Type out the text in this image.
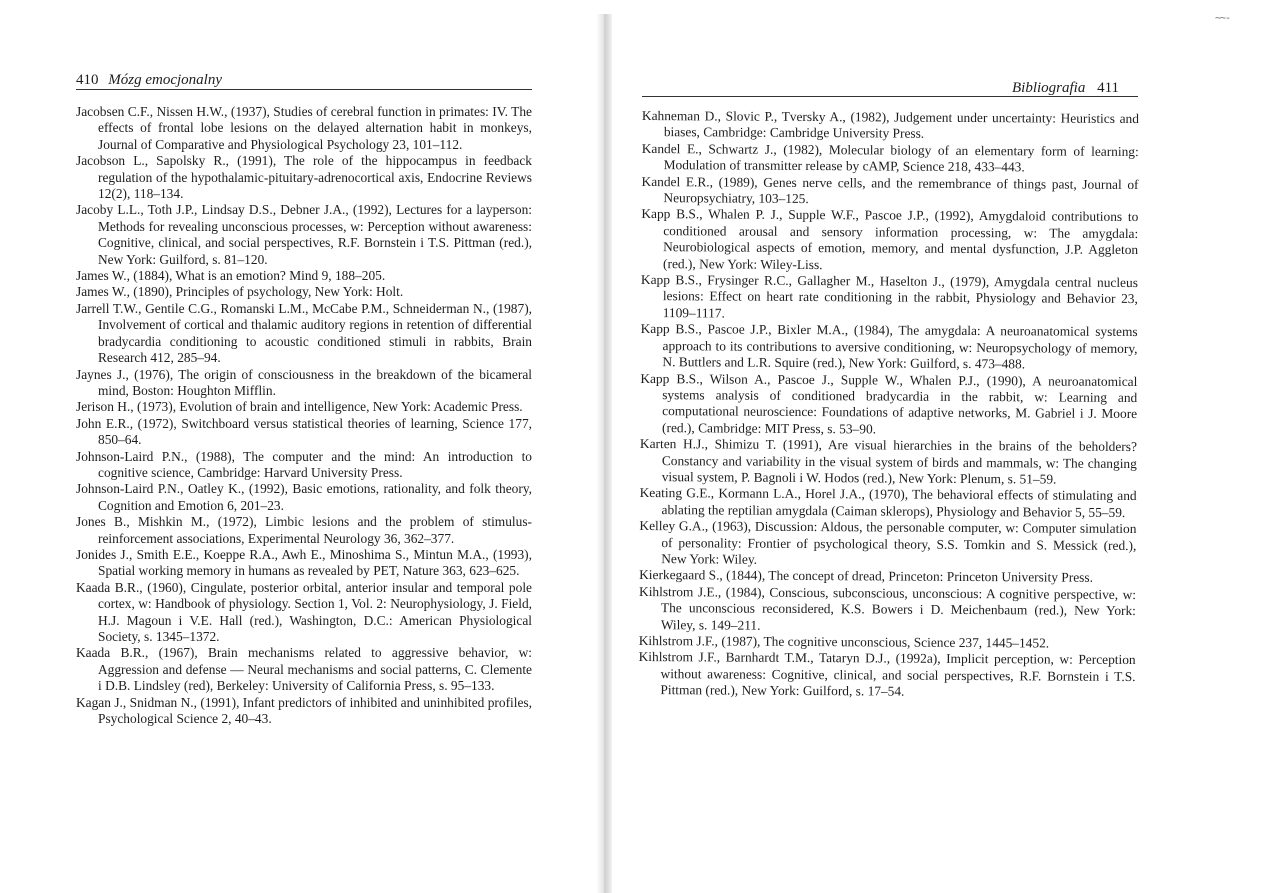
410 Mózg emocjonalny
Jacobsen C.F., Nissen H.W., (1937), Studies of cerebral function in primates: IV. The effects of frontal lobe lesions on the delayed alternation habit in monkeys, Journal of Comparative and Physiological Psychology 23, 101–112.
Jacobson L., Sapolsky R., (1991), The role of the hippocampus in feedback regulation of the hypothalamic-pituitary-adrenocortical axis, Endocrine Reviews 12(2), 118–134.
Jacoby L.L., Toth J.P., Lindsay D.S., Debner J.A., (1992), Lectures for a layperson: Methods for revealing unconscious processes, w: Perception without awareness: Cognitive, clinical, and social perspectives, R.F. Bornstein i T.S. Pittman (red.), New York: Guilford, s. 81–120.
James W., (1884), What is an emotion? Mind 9, 188–205.
James W., (1890), Principles of psychology, New York: Holt.
Jarrell T.W., Gentile C.G., Romanski L.M., McCabe P.M., Schneiderman N., (1987), Involvement of cortical and thalamic auditory regions in retention of differential bradycardia conditioning to acoustic conditioned stimuli in rabbits, Brain Research 412, 285–94.
Jaynes J., (1976), The origin of consciousness in the breakdown of the bicameral mind, Boston: Houghton Mifflin.
Jerison H., (1973), Evolution of brain and intelligence, New York: Academic Press.
John E.R., (1972), Switchboard versus statistical theories of learning, Science 177, 850–64.
Johnson-Laird P.N., (1988), The computer and the mind: An introduction to cognitive science, Cambridge: Harvard University Press.
Johnson-Laird P.N., Oatley K., (1992), Basic emotions, rationality, and folk theory, Cognition and Emotion 6, 201–23.
Jones B., Mishkin M., (1972), Limbic lesions and the problem of stimulus-reinforcement associations, Experimental Neurology 36, 362–377.
Jonides J., Smith E.E., Koeppe R.A., Awh E., Minoshima S., Mintun M.A., (1993), Spatial working memory in humans as revealed by PET, Nature 363, 623–625.
Kaada B.R., (1960), Cingulate, posterior orbital, anterior insular and temporal pole cortex, w: Handbook of physiology. Section 1, Vol. 2: Neurophysiology, J. Field, H.J. Magoun i V.E. Hall (red.), Washington, D.C.: American Physiological Society, s. 1345–1372.
Kaada B.R., (1967), Brain mechanisms related to aggressive behavior, w: Aggression and defense — Neural mechanisms and social patterns, C. Clemente i D.B. Lindsley (red), Berkeley: University of California Press, s. 95–133.
Kagan J., Snidman N., (1991), Infant predictors of inhibited and uninhibited profiles, Psychological Science 2, 40–43.
Bibliografia 411
Kahneman D., Slovic P., Tversky A., (1982), Judgement under uncertainty: Heuristics and biases, Cambridge: Cambridge University Press.
Kandel E., Schwartz J., (1982), Molecular biology of an elementary form of learning: Modulation of transmitter release by cAMP, Science 218, 433–443.
Kandel E.R., (1989), Genes nerve cells, and the remembrance of things past, Journal of Neuropsychiatry, 103–125.
Kapp B.S., Whalen P. J., Supple W.F., Pascoe J.P., (1992), Amygdaloid contributions to conditioned arousal and sensory information processing, w: The amygdala: Neurobiological aspects of emotion, memory, and mental dysfunction, J.P. Aggleton (red.), New York: Wiley-Liss.
Kapp B.S., Frysinger R.C., Gallagher M., Haselton J., (1979), Amygdala central nucleus lesions: Effect on heart rate conditioning in the rabbit, Physiology and Behavior 23, 1109–1117.
Kapp B.S., Pascoe J.P., Bixler M.A., (1984), The amygdala: A neuroanatomical systems approach to its contributions to aversive conditioning, w: Neuropsychology of memory, N. Buttlers and L.R. Squire (red.), New York: Guilford, s. 473–488.
Kapp B.S., Wilson A., Pascoe J., Supple W., Whalen P.J., (1990), A neuroanatomical systems analysis of conditioned bradycardia in the rabbit, w: Learning and computational neuroscience: Foundations of adaptive networks, M. Gabriel i J. Moore (red.), Cambridge: MIT Press, s. 53–90.
Karten H.J., Shimizu T. (1991), Are visual hierarchies in the brains of the beholders? Constancy and variability in the visual system of birds and mammals, w: The changing visual system, P. Bagnoli i W. Hodos (red.), New York: Plenum, s. 51–59.
Keating G.E., Kormann L.A., Horel J.A., (1970), The behavioral effects of stimulating and ablating the reptilian amygdala (Caiman sklerops), Physiology and Behavior 5, 55–59.
Kelley G.A., (1963), Discussion: Aldous, the personable computer, w: Computer simulation of personality: Frontier of psychological theory, S.S. Tomkin and S. Messick (red.), New York: Wiley.
Kierkegaard S., (1844), The concept of dread, Princeton: Princeton University Press.
Kihlstrom J.E., (1984), Conscious, subconscious, unconscious: A cognitive perspective, w: The unconscious reconsidered, K.S. Bowers i D. Meichenbaum (red.), New York: Wiley, s. 149–211.
Kihlstrom J.F., (1987), The cognitive unconscious, Science 237, 1445–1452.
Kihlstrom J.F., Barnhardt T.M., Tataryn D.J., (1992a), Implicit perception, w: Perception without awareness: Cognitive, clinical, and social perspectives, R.F. Bornstein i T.S. Pittman (red.), New York: Guilford, s. 17–54.
~~-
